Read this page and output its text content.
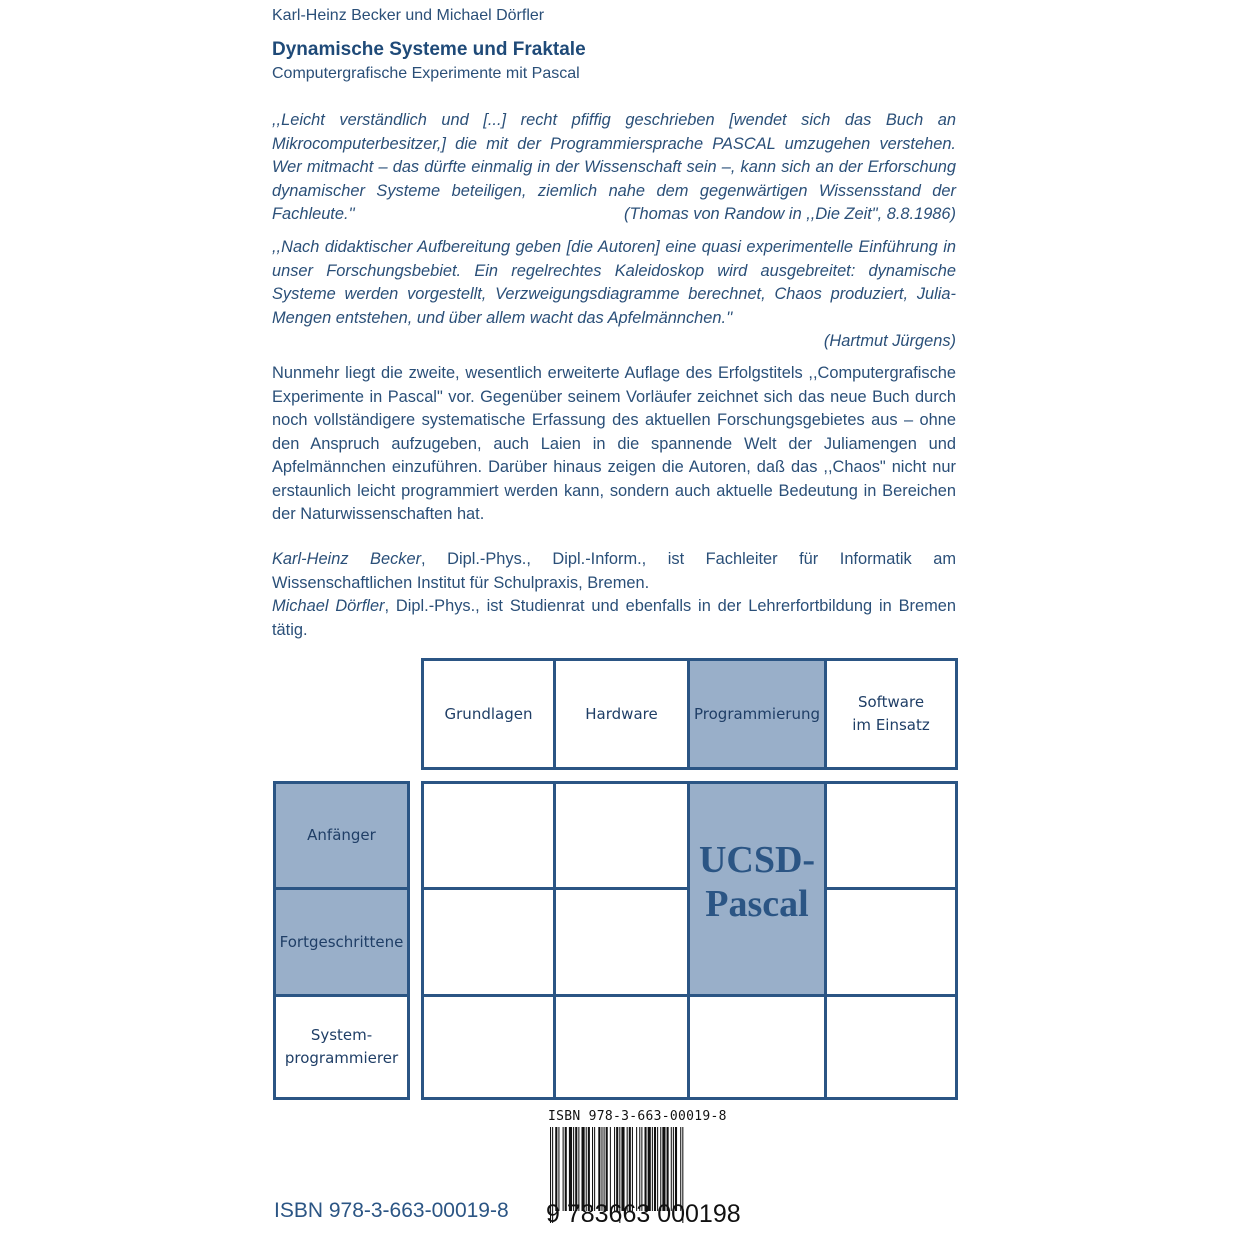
Karl-Heinz Becker und Michael Dörfler
Dynamische Systeme und Fraktale
Computergrafische Experimente mit Pascal
,,Leicht verständlich und [...] recht pfiffig geschrieben [wendet sich das Buch an Mikrocomputerbesitzer,] die mit der Programmiersprache PASCAL umzugehen verstehen. Wer mitmacht – das dürfte einmalig in der Wissenschaft sein –, kann sich an der Erforschung dynamischer Systeme beteiligen, ziemlich nahe dem gegenwärtigen Wissensstand der Fachleute.''	(Thomas von Randow in ,,Die Zeit", 8.8.1986)
,,Nach didaktischer Aufbereitung geben [die Autoren] eine quasi experimentelle Einführung in unser Forschungsbebiet. Ein regelrechtes Kaleidoskop wird ausgebreitet: dynamische Systeme werden vorgestellt, Verzweigungsdiagramme berechnet, Chaos produziert, Julia-Mengen entstehen, und über allem wacht das Apfelmännchen.''
(Hartmut Jürgens)
Nunmehr liegt die zweite, wesentlich erweiterte Auflage des Erfolgstitels ,,Computergrafische Experimente in Pascal" vor. Gegenüber seinem Vorläufer zeichnet sich das neue Buch durch noch vollständigere systematische Erfassung des aktuellen Forschungsgebietes aus – ohne den Anspruch aufzugeben, auch Laien in die spannende Welt der Juliamengen und Apfelmännchen einzuführen. Darüber hinaus zeigen die Autoren, daß das ,,Chaos" nicht nur erstaunlich leicht programmiert werden kann, sondern auch aktuelle Bedeutung in Bereichen der Naturwissenschaften hat.
Karl-Heinz Becker, Dipl.-Phys., Dipl.-Inform., ist Fachleiter für Informatik am Wissenschaftlichen Institut für Schulpraxis, Bremen.
Michael Dörfler, Dipl.-Phys., ist Studienrat und ebenfalls in der Lehrerfortbildung in Bremen tätig.
Grundlagen	Hardware Programmierung
Software
im Einsatz
Anfänger
Fortgeschrittene
System-
programmierer
UCSD-
Pascal
ISBN 978-3-663-00019-8
9 783663 000198
ISBN 978-3-663-00019-8
